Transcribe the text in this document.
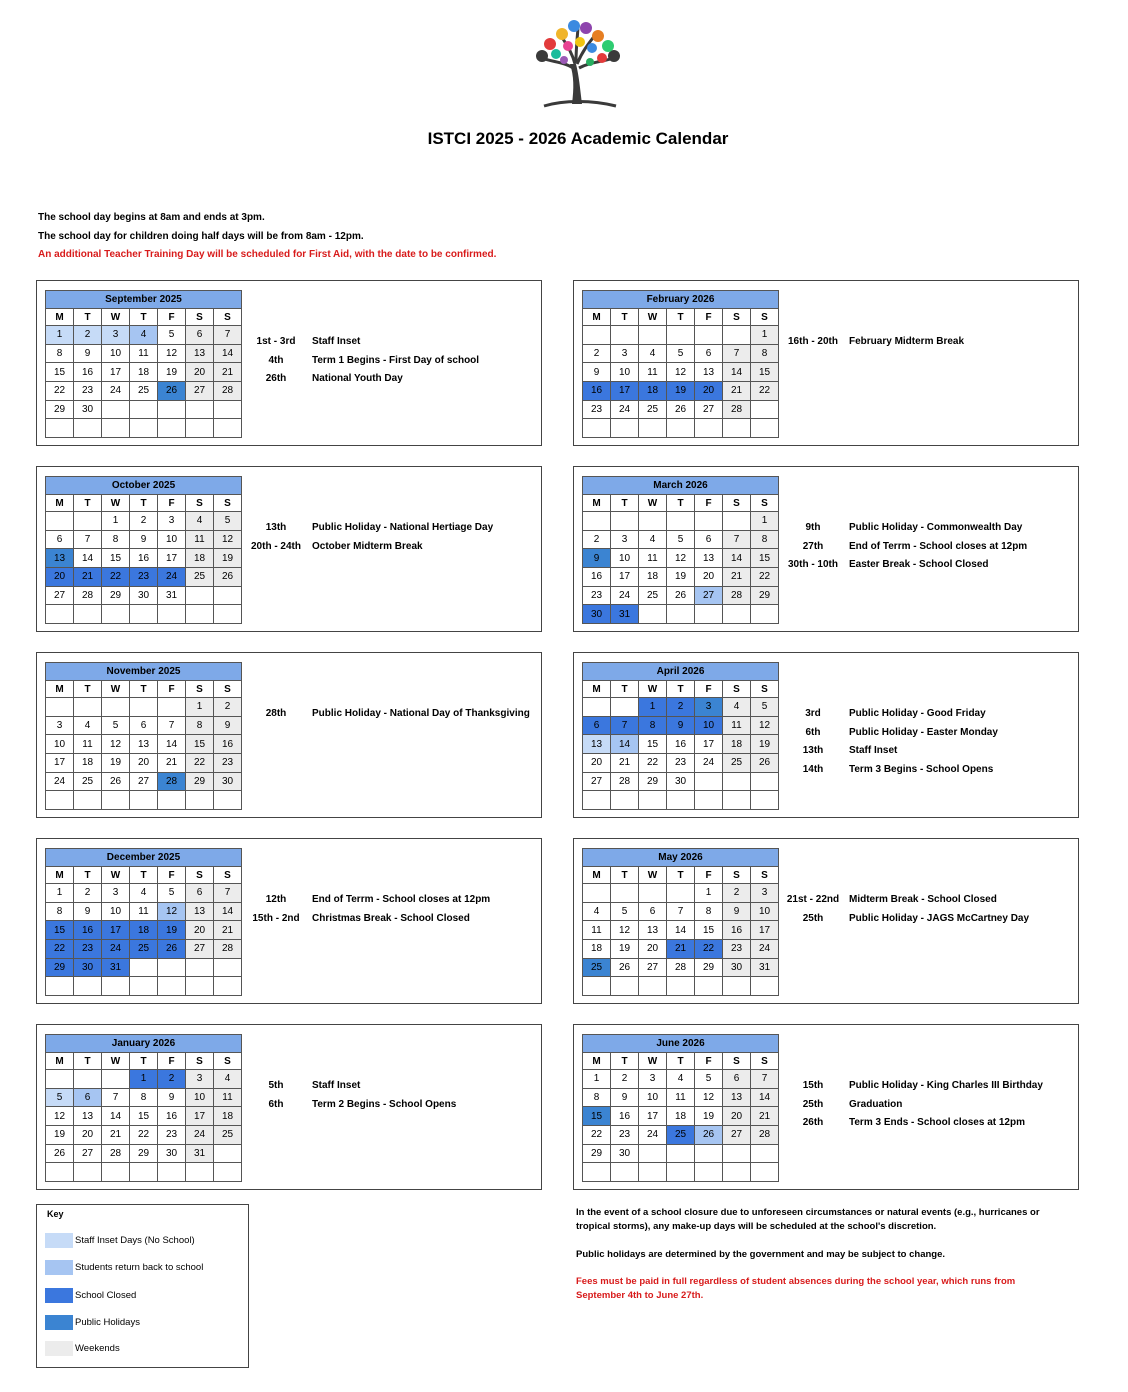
ISTCI 2025 - 2026 Academic Calendar
The school day begins at 8am and ends at 3pm.
The school day for children doing half days will be from 8am - 12pm.
An additional Teacher Training Day will be scheduled for First Aid, with the date to be confirmed.
September 2025						
M	T	W	T	F	S	S
1	2	3	4	5	6	7
8	9	10	11	12	13	14
15	16	17	18	19	20	21
22	23	24	25	26	27	28
29	30					

1st - 3rd	Staff Inset
4th	Term 1 Begins - First Day of school
26th	National Youth Day
February 2026						
M	T	W	T	F	S	S
						1
2	3	4	5	6	7	8
9	10	11	12	13	14	15
16	17	18	19	20	21	22
23	24	25	26	27	28	

16th - 20th	February Midterm Break
October 2025						
M	T	W	T	F	S	S
		1	2	3	4	5
6	7	8	9	10	11	12
13	14	15	16	17	18	19
20	21	22	23	24	25	26
27	28	29	30	31		

13th	Public Holiday - National Hertiage Day
20th - 24th	October Midterm Break
March 2026						
M	T	W	T	F	S	S
						1
2	3	4	5	6	7	8
9	10	11	12	13	14	15
16	17	18	19	20	21	22
23	24	25	26	27	28	29
30	31					
9th	Public Holiday - Commonwealth Day
27th	End of Terrm - School closes at 12pm
30th - 10th	Easter Break - School Closed
November 2025						
M	T	W	T	F	S	S
					1	2
3	4	5	6	7	8	9
10	11	12	13	14	15	16
17	18	19	20	21	22	23
24	25	26	27	28	29	30

28th	Public Holiday - National Day of Thanksgiving
April 2026						
M	T	W	T	F	S	S
		1	2	3	4	5
6	7	8	9	10	11	12
13	14	15	16	17	18	19
20	21	22	23	24	25	26
27	28	29	30			

3rd	Public Holiday - Good Friday
6th	Public Holiday - Easter Monday
13th	Staff Inset
14th	Term 3 Begins - School Opens
December 2025						
M	T	W	T	F	S	S
1	2	3	4	5	6	7
8	9	10	11	12	13	14
15	16	17	18	19	20	21
22	23	24	25	26	27	28
29	30	31				

12th	End of Terrm - School closes at 12pm
15th - 2nd	Christmas Break - School Closed
May 2026						
M	T	W	T	F	S	S
				1	2	3
4	5	6	7	8	9	10
11	12	13	14	15	16	17
18	19	20	21	22	23	24
25	26	27	28	29	30	31

21st - 22nd Midterm Break - School Closed
25th	Public Holiday - JAGS McCartney Day
January 2026						
M	T	W	T	F	S	S
			1	2	3	4
5	6	7	8	9	10	11
12	13	14	15	16	17	18
19	20	21	22	23	24	25
26	27	28	29	30	31	

5th	Staff Inset
6th	Term 2 Begins - School Opens
June 2026						
M	T	W	T	F	S	S
1	2	3	4	5	6	7
8	9	10	11	12	13	14
15	16	17	18	19	20	21
22	23	24	25	26	27	28
29	30					

15th	Public Holiday - King Charles III Birthday
25th	Graduation
26th	Term 3 Ends - School closes at 12pm
Key
Staff Inset Days (No School)
Students return back to school
School Closed
Public Holidays
Weekends
In the event of a school closure due to unforeseen circumstances or natural events (e.g., hurricanes or tropical storms), any make-up days will be scheduled at the school's discretion.
Public holidays are determined by the government and may be subject to change.
Fees must be paid in full regardless of student absences during the school year, which runs from September 4th to June 27th.
